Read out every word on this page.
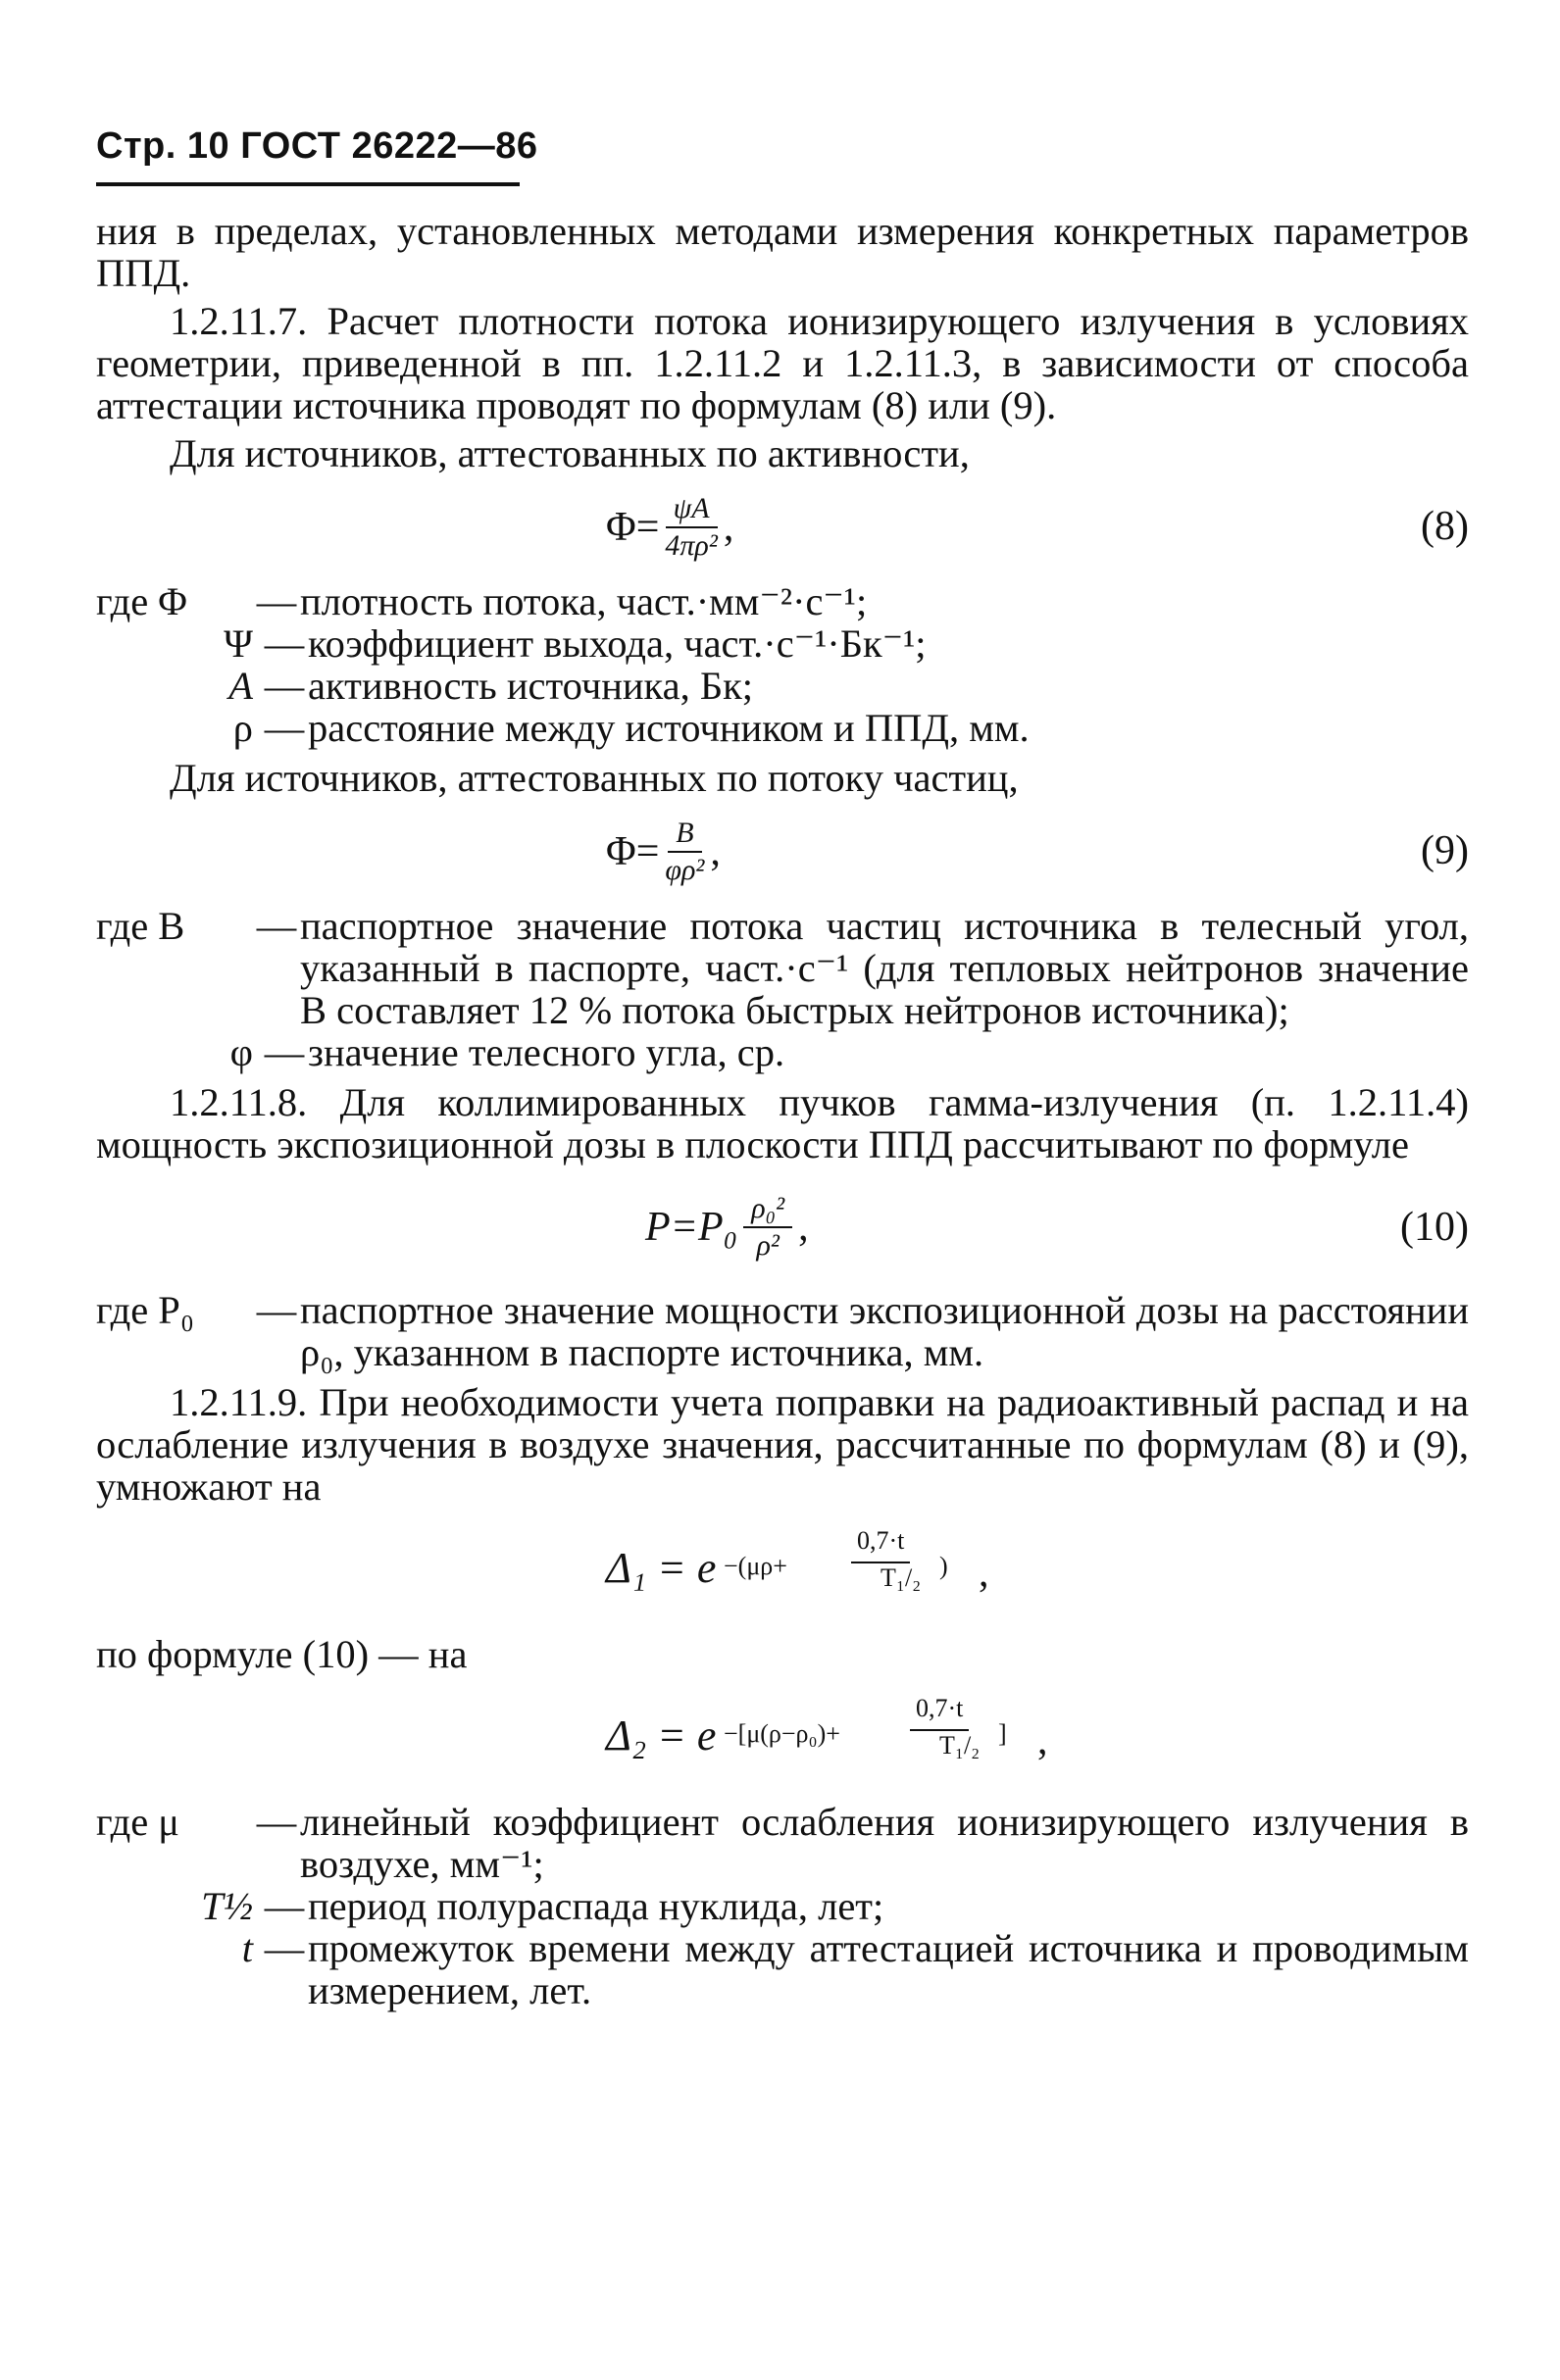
Стр. 10 ГОСТ 26222—86

ния в пределах, установленных методами измерения конкретных параметров ППД.

1.2.11.7. Расчет плотности потока ионизирующего излучения в условиях геометрии, приведенной в пп. 1.2.11.2 и 1.2.11.3, в зависимости от способа аттестации источника проводят по формулам (8) или (9).

Для источников, аттестованных по активности,

$\Phi= \frac{\psi A}{\text{4πρ²}}$ ,	(8)
где Φ	— плотность потока, част.·мм⁻²·с⁻¹;
Ψ — коэффициент выхода, част.·с⁻¹·Бк⁻¹;
A — активность источника, Бк;
ρ — расстояние между источником и ППД, мм.

Для источников, аттестованных по потоку частиц,

$\Phi= \frac{B}{\text{φρ²}}$ ,	(9)
где B	— паспортное значение потока частиц источника в телесный угол, указанный в паспорте, част.·с⁻¹ (для тепловых нейтронов значение B составляет 12 % потока быстрых нейтронов источника);
φ — значение телесного угла, ср.

1.2.11.8. Для коллимированных пучков гамма-излучения (п. 1.2.11.4) мощность экспозиционной дозы в плоскости ППД рассчитывают по формуле

$P=P_0 \frac{\text{ρ₀²}}{\text{ρ²}}$ ,	(10)
где P₀	— паспортное значение мощности экспозиционной дозы на расстоянии ρ₀, указанном в паспорте источника, мм.

1.2.11.9. При необходимости учета поправки на радиоактивный распад и на ослабление излучения в воздухе значения, рассчитанные по формулам (8) и (9), умножают на

Δ₁ = e −(μρ+
0,7·t
T₁/₂ ) ,

по формуле (10) — на

Δ₂ = e −[μ(ρ−ρ₀)+
0,7·t
T₁/₂ ] ,
где μ	— линейный коэффициент ослабления ионизирующего излучения в воздухе, мм⁻¹;
T½ — период полураспада нуклида, лет;
t — промежуток времени между аттестацией источника и проводимым измерением, лет.
